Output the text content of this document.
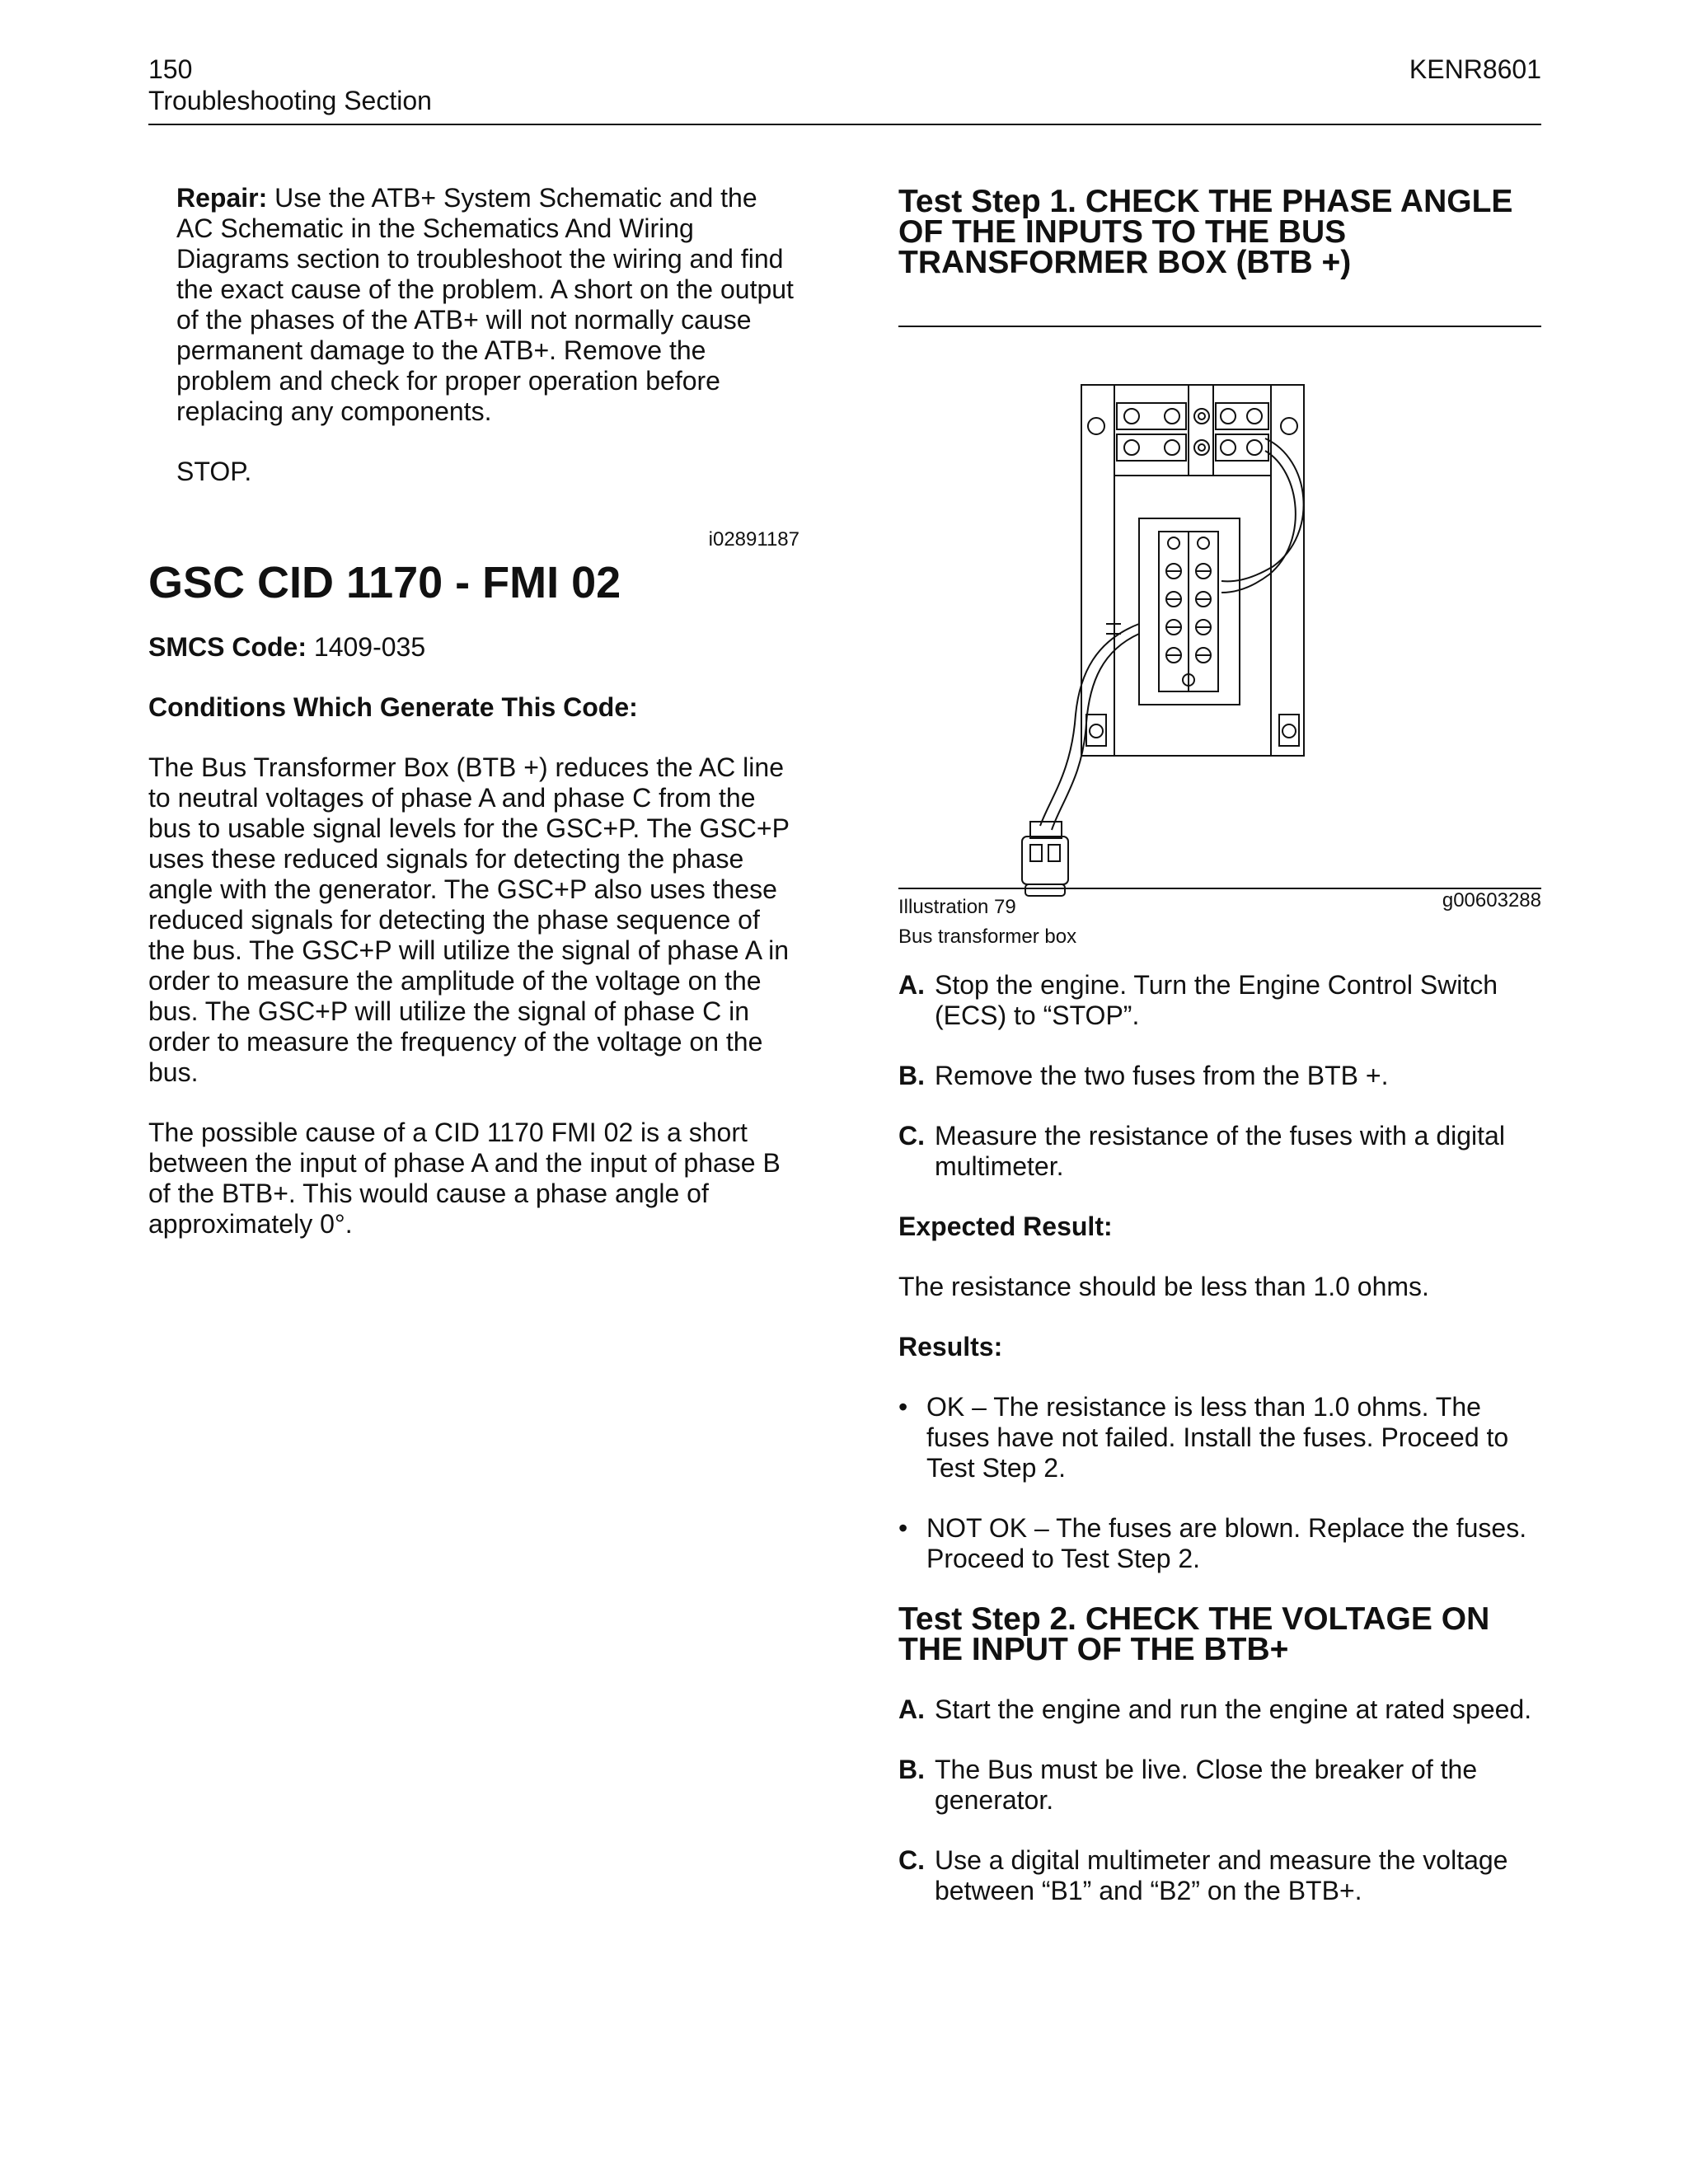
150
Troubleshooting Section
KENR8601

Repair: Use the ATB+ System Schematic and the AC Schematic in the Schematics And Wiring Diagrams section to troubleshoot the wiring and find the exact cause of the problem. A short on the output of the phases of the ATB+ will not normally cause permanent damage to the ATB+. Remove the problem and check for proper operation before replacing any components.

STOP.

i02891187
GSC CID 1170 - FMI 02

SMCS Code: 1409-035

Conditions Which Generate This Code:

The Bus Transformer Box (BTB +) reduces the AC line to neutral voltages of phase A and phase C from the bus to usable signal levels for the GSC+P. The GSC+P uses these reduced signals for detecting the phase angle with the generator. The GSC+P also uses these reduced signals for detecting the phase sequence of the bus. The GSC+P will utilize the signal of phase A in order to measure the amplitude of the voltage on the bus. The GSC+P will utilize the signal of phase C in order to measure the frequency of the voltage on the bus.

The possible cause of a CID 1170 FMI 02 is a short between the input of phase A and the input of phase B of the BTB+. This would cause a phase angle of approximately 0°.

Test Step 1. CHECK THE PHASE ANGLE OF THE INPUTS TO THE BUS TRANSFORMER BOX (BTB +)
Illustration 79	g00603288
Bus transformer box

A. Stop the engine. Turn the Engine Control Switch (ECS) to “STOP”.

B. Remove the two fuses from the BTB +.

C. Measure the resistance of the fuses with a digital multimeter.

Expected Result:

The resistance should be less than 1.0 ohms.

Results:

• OK – The resistance is less than 1.0 ohms. The fuses have not failed. Install the fuses. Proceed to Test Step 2.

• NOT OK – The fuses are blown. Replace the fuses. Proceed to Test Step 2.

Test Step 2. CHECK THE VOLTAGE ON THE INPUT OF THE BTB+

A. Start the engine and run the engine at rated speed.

B. The Bus must be live. Close the breaker of the generator.

C. Use a digital multimeter and measure the voltage between “B1” and “B2” on the BTB+.
